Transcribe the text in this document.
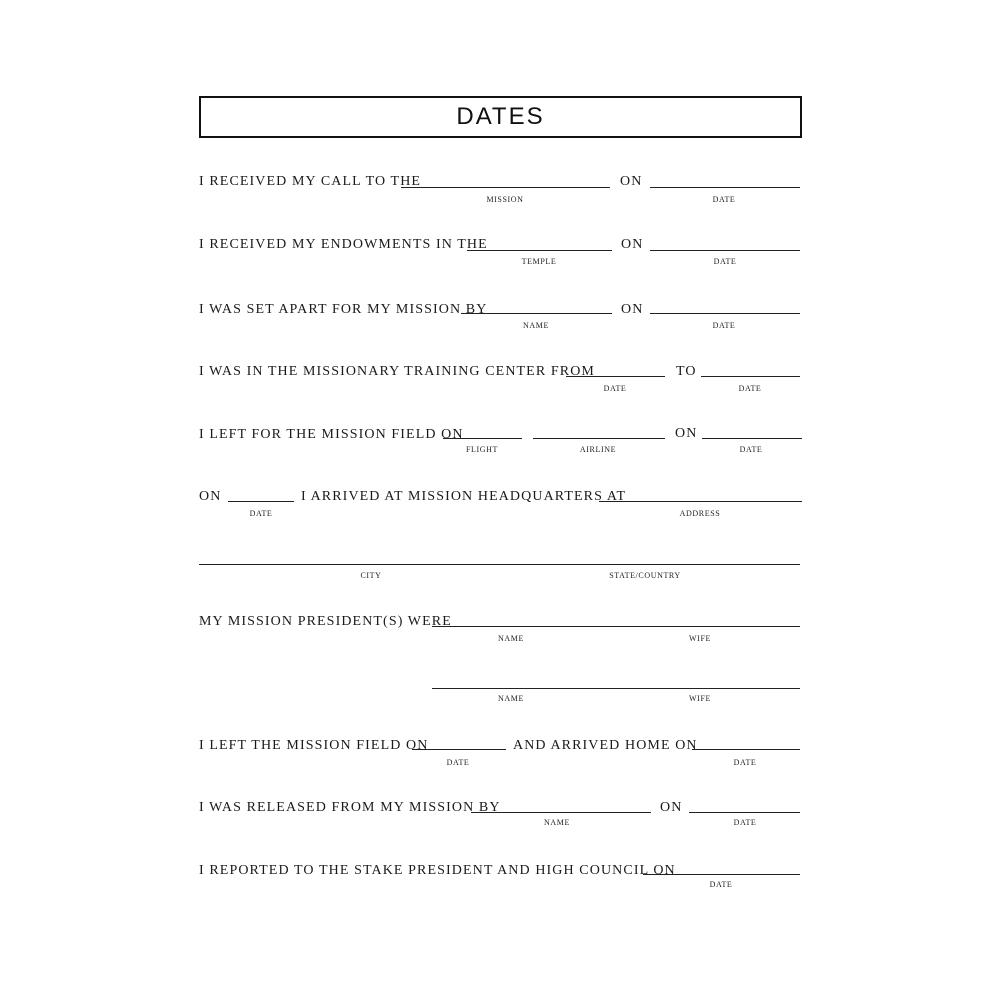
DATES
I RECEIVED MY CALL TO THE	ON
MISSION	DATE
I RECEIVED MY ENDOWMENTS IN THE	ON
TEMPLE	DATE
I WAS SET APART FOR MY MISSION BY	ON
NAME	DATE
I WAS IN THE MISSIONARY TRAINING CENTER FROM	TO
DATE	DATE
I LEFT FOR THE MISSION FIELD ON	ON
FLIGHT	AIRLINE	DATE
ON	I ARRIVED AT MISSION HEADQUARTERS AT
DATE	ADDRESS
CITY	STATE/COUNTRY
MY MISSION PRESIDENT(S) WERE
NAME	WIFE
NAME	WIFE
I LEFT THE MISSION FIELD ON	AND ARRIVED HOME ON
DATE	DATE
I WAS RELEASED FROM MY MISSION BY	ON
NAME	DATE
I REPORTED TO THE STAKE PRESIDENT AND HIGH COUNCIL ON
DATE
